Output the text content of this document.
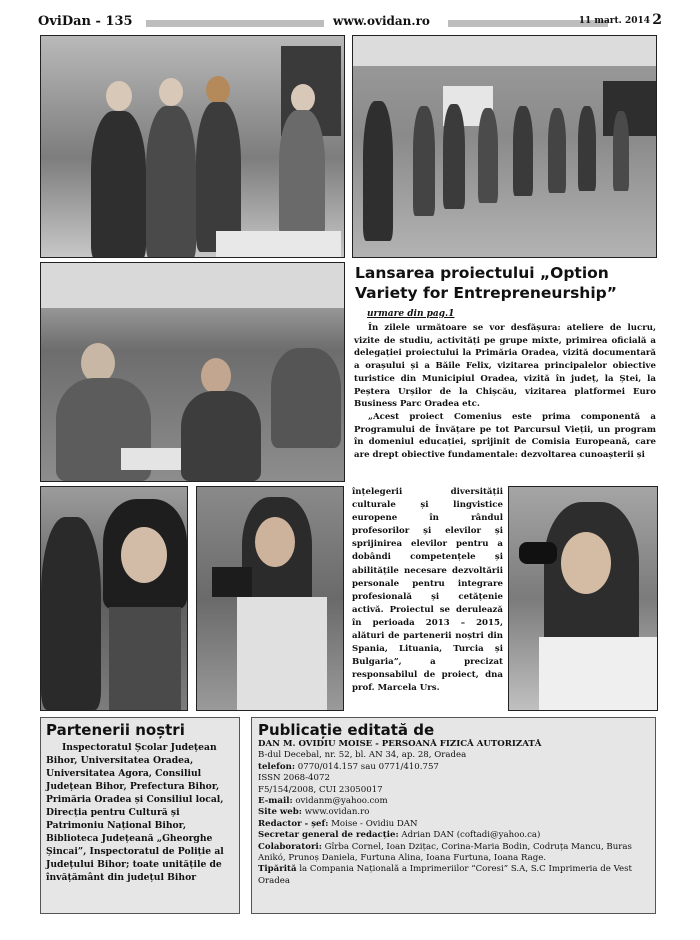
OviDan - 135	www.ovidan.ro	11 mart. 2014 2
Lansarea proiectului „Option Variety for Entrepreneurship”
urmare din pag.1

În zilele următoare se vor desfășura: ateliere de lucru, vizite de studiu, activități pe grupe mixte, primirea oficială a delegației proiectului la Primăria Oradea, vizită documentară a orașului și a Băile Felix, vizitarea principalelor obiective turistice din Municipiul Oradea, vizită în județ, la Ștei, la Peștera Urșilor de la Chișcău, vizitarea platformei Euro Business Parc Oradea etc.

„Acest proiect Comenius este prima componentă a Programului de Învățare pe tot Parcursul Vieții, un program în domeniul educației, sprijinit de Comisia Europeană, care are drept obiective fundamentale: dezvoltarea cunoașterii și

înțelegerii diversității culturale și lingvistice europene în rândul profesorilor și elevilor și sprijinirea elevilor pentru a dobândi competențele și abilitățile necesare dezvoltării personale pentru integrare profesională și cetățenie activă. Proiectul se derulează în perioada 2013 – 2015, alături de partenerii noștri din Spania, Lituania, Turcia și Bulgaria”, a precizat responsabilul de proiect, dna prof. Marcela Urs.

Partenerii noștri

Inspectoratul Școlar Județean Bihor, Universitatea Oradea, Universitatea Agora, Consiliul Județean Bihor, Prefectura Bihor, Primăria Oradea și Consiliul local, Direcția pentru Cultură și Patrimoniu Național Bihor, Biblioteca Județeană „Gheorghe Șincai”, Inspectoratul de Poliție al Județului Bihor; toate unitățile de învățământ din județul Bihor

Publicație editată de

DAN M. OVIDIU MOISE - PERSOANĂ FIZICĂ AUTORIZATĂ

B-dul Decebal, nr. 52, bl. AN 34, ap. 28, Oradea

telefon: 0770/014.157 sau 0771/410.757

ISSN 2068-4072

F5/154/2008, CUI 23050017

E-mail: ovidanm@yahoo.com

Site web: www.ovidan.ro

Redactor - șef: Moise - Ovidiu DAN

Secretar general de redacție: Adrian DAN (coftadi@yahoo.ca)

Colaboratori: Gîrba Cornel, Ioan Dzițac, Corina-Maria Bodin, Codruța Mancu, Buras Anikó, Prunoș Daniela, Furtuna Alina, Ioana Furtuna, Ioana Rage.

Tipărită la Compania Națională a Imprimeriilor “Coresi” S.A, S.C Imprimeria de Vest Oradea
